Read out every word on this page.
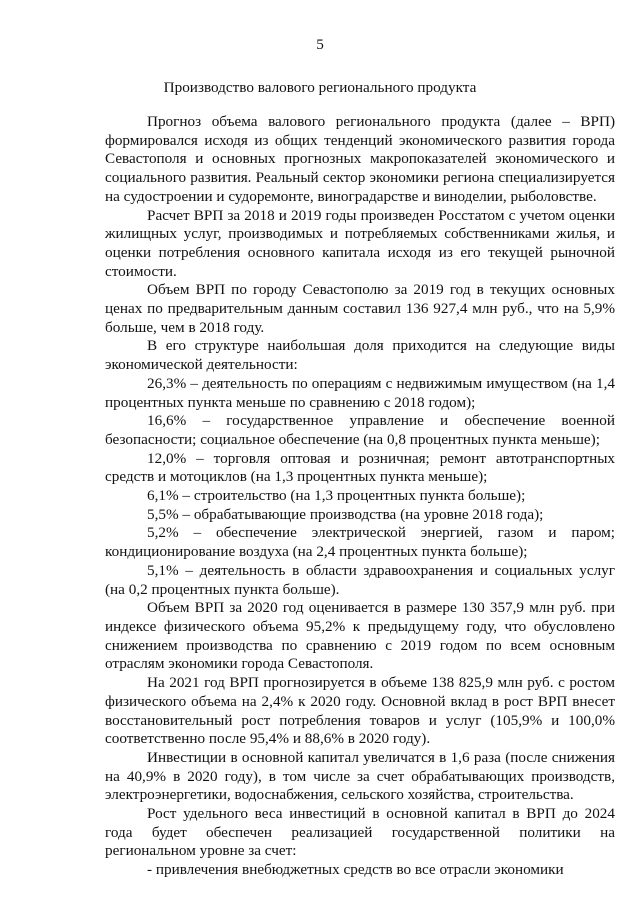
5
Производство валового регионального продукта

Прогноз объема валового регионального продукта (далее – ВРП) формировался исходя из общих тенденций экономического развития города Севастополя и основных прогнозных макропоказателей экономического и социального развития. Реальный сектор экономики региона специализируется на судостроении и судоремонте, виноградарстве и виноделии, рыболовстве.

Расчет ВРП за 2018 и 2019 годы произведен Росстатом с учетом оценки жилищных услуг, производимых и потребляемых собственниками жилья, и оценки потребления основного капитала исходя из его текущей рыночной стоимости.

Объем ВРП по городу Севастополю за 2019 год в текущих основных ценах по предварительным данным составил 136 927,4 млн руб., что на 5,9% больше, чем в 2018 году.

В его структуре наибольшая доля приходится на следующие виды экономической деятельности:

26,3% – деятельность по операциям с недвижимым имуществом (на 1,4 процентных пункта меньше по сравнению с 2018 годом);

16,6% – государственное управление и обеспечение военной безопасности; социальное обеспечение (на 0,8 процентных пункта меньше);

12,0% – торговля оптовая и розничная; ремонт автотранспортных средств и мотоциклов (на 1,3 процентных пункта меньше);

6,1% – строительство (на 1,3 процентных пункта больше);

5,5% – обрабатывающие производства (на уровне 2018 года);

5,2% – обеспечение электрической энергией, газом и паром; кондиционирование воздуха (на 2,4 процентных пункта больше);

5,1% – деятельность в области здравоохранения и социальных услуг (на 0,2 процентных пункта больше).

Объем ВРП за 2020 год оценивается в размере 130 357,9 млн руб. при индексе физического объема 95,2% к предыдущему году, что обусловлено снижением производства по сравнению с 2019 годом по всем основным отраслям экономики города Севастополя.

На 2021 год ВРП прогнозируется в объеме 138 825,9 млн руб. с ростом физического объема на 2,4% к 2020 году. Основной вклад в рост ВРП внесет восстановительный рост потребления товаров и услуг (105,9% и 100,0% соответственно после 95,4% и 88,6% в 2020 году).

Инвестиции в основной капитал увеличатся в 1,6 раза (после снижения на 40,9% в 2020 году), в том числе за счет обрабатывающих производств, электроэнергетики, водоснабжения, сельского хозяйства, строительства.

Рост удельного веса инвестиций в основной капитал в ВРП до 2024 года будет обеспечен реализацией государственной политики на региональном уровне за счет:

- привлечения внебюджетных средств во все отрасли экономики
